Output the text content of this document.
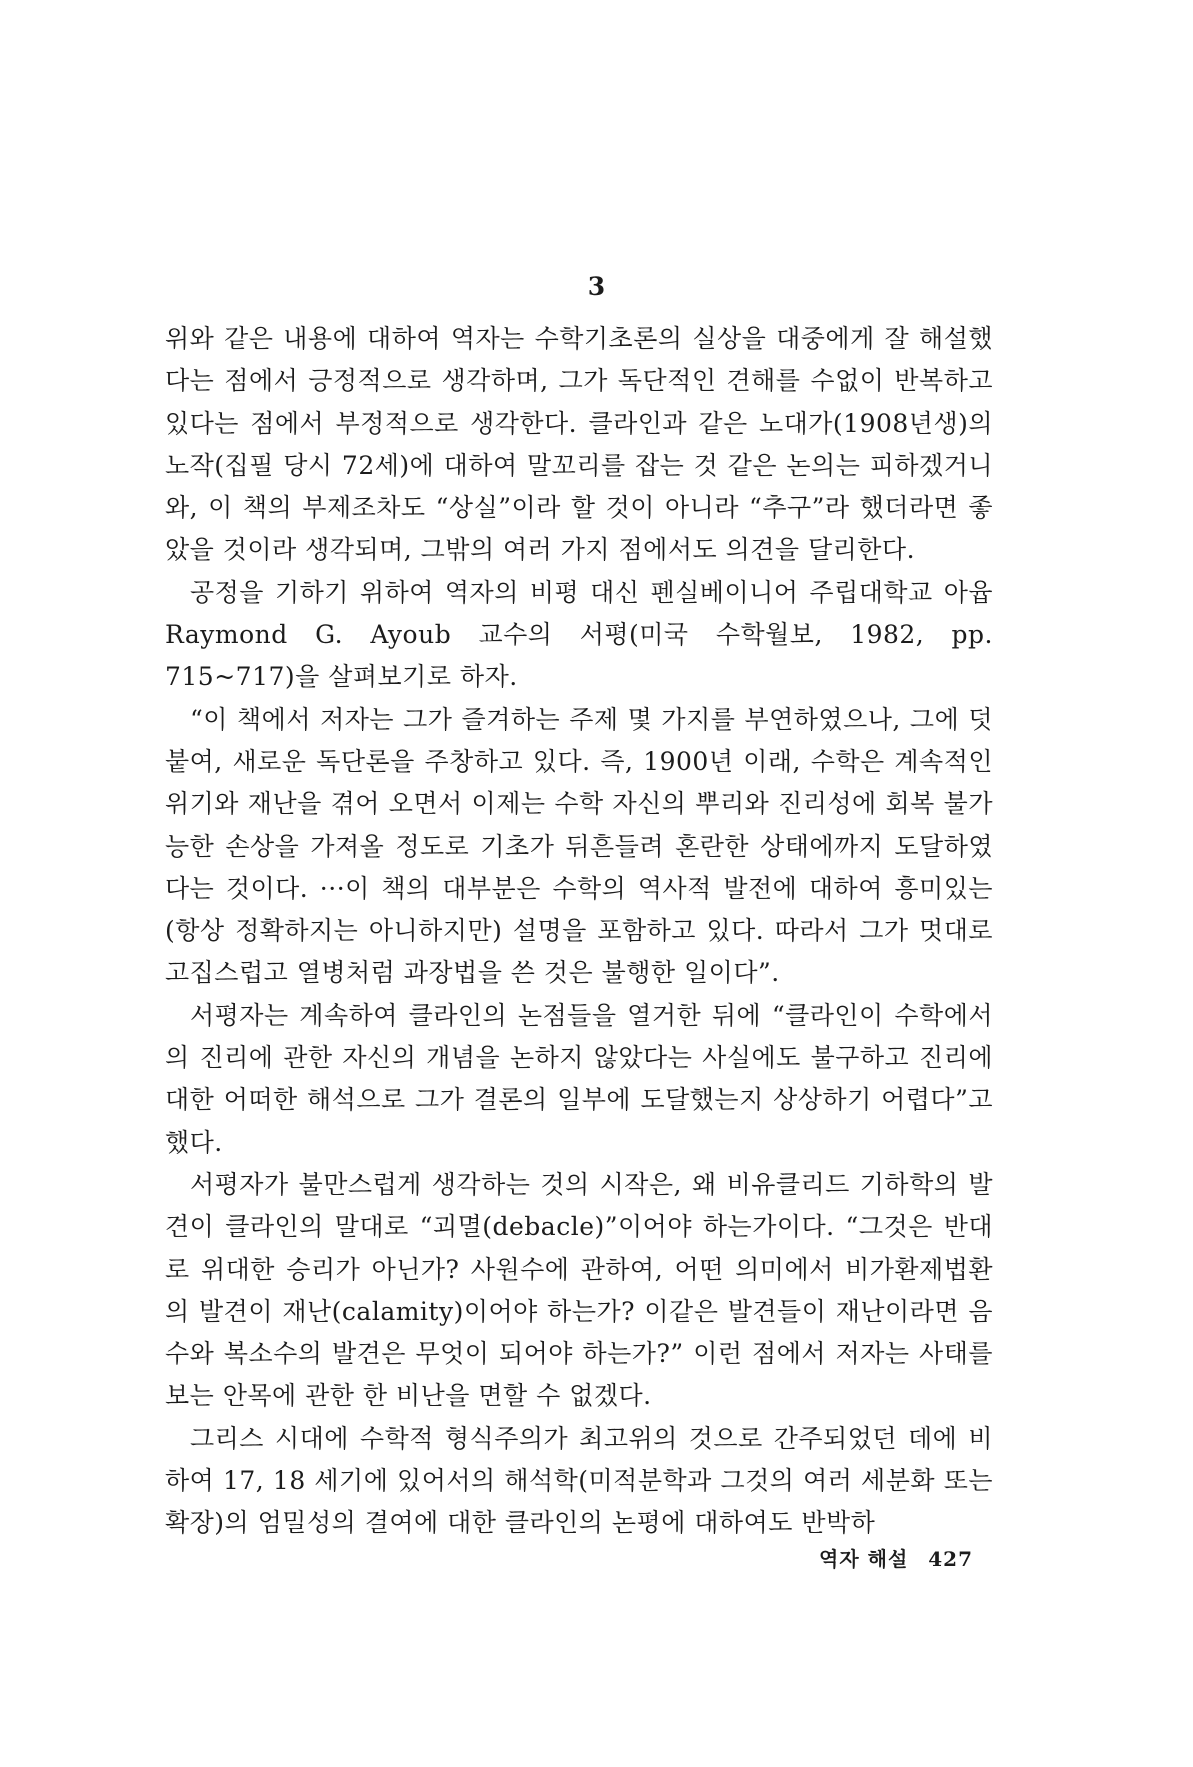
3

위와 같은 내용에 대하여 역자는 수학기초론의 실상을 대중에게 잘 해설했다는 점에서 긍정적으로 생각하며, 그가 독단적인 견해를 수없이 반복하고 있다는 점에서 부정적으로 생각한다. 클라인과 같은 노대가(1908년생)의 노작(집필 당시 72세)에 대하여 말꼬리를 잡는 것 같은 논의는 피하겠거니와, 이 책의 부제조차도 “상실”이라 할 것이 아니라 “추구”라 했더라면 좋았을 것이라 생각되며, 그밖의 여러 가지 점에서도 의견을 달리한다.

공정을 기하기 위하여 역자의 비평 대신 펜실베이니어 주립대학교 아윱 Raymond G. Ayoub 교수의 서평(미국 수학월보, 1982, pp. 715~717)을 살펴보기로 하자.

“이 책에서 저자는 그가 즐겨하는 주제 몇 가지를 부연하였으나, 그에 덧붙여, 새로운 독단론을 주창하고 있다. 즉, 1900년 이래, 수학은 계속적인 위기와 재난을 겪어 오면서 이제는 수학 자신의 뿌리와 진리성에 회복 불가능한 손상을 가져올 정도로 기초가 뒤흔들려 혼란한 상태에까지 도달하였다는 것이다. ···이 책의 대부분은 수학의 역사적 발전에 대하여 흥미있는(항상 정확하지는 아니하지만) 설명을 포함하고 있다. 따라서 그가 멋대로 고집스럽고 열병처럼 과장법을 쓴 것은 불행한 일이다”.

서평자는 계속하여 클라인의 논점들을 열거한 뒤에 “클라인이 수학에서의 진리에 관한 자신의 개념을 논하지 않았다는 사실에도 불구하고 진리에 대한 어떠한 해석으로 그가 결론의 일부에 도달했는지 상상하기 어렵다”고 했다.

서평자가 불만스럽게 생각하는 것의 시작은, 왜 비유클리드 기하학의 발견이 클라인의 말대로 “괴멸(debacle)”이어야 하는가이다. “그것은 반대로 위대한 승리가 아닌가? 사원수에 관하여, 어떤 의미에서 비가환제법환의 발견이 재난(calamity)이어야 하는가? 이같은 발견들이 재난이라면 음수와 복소수의 발견은 무엇이 되어야 하는가?” 이런 점에서 저자는 사태를 보는 안목에 관한 한 비난을 면할 수 없겠다.

그리스 시대에 수학적 형식주의가 최고위의 것으로 간주되었던 데에 비하여 17, 18 세기에 있어서의 해석학(미적분학과 그것의 여러 세분화 또는 확장)의 엄밀성의 결여에 대한 클라인의 논평에 대하여도 반박하

역자 해설 427
